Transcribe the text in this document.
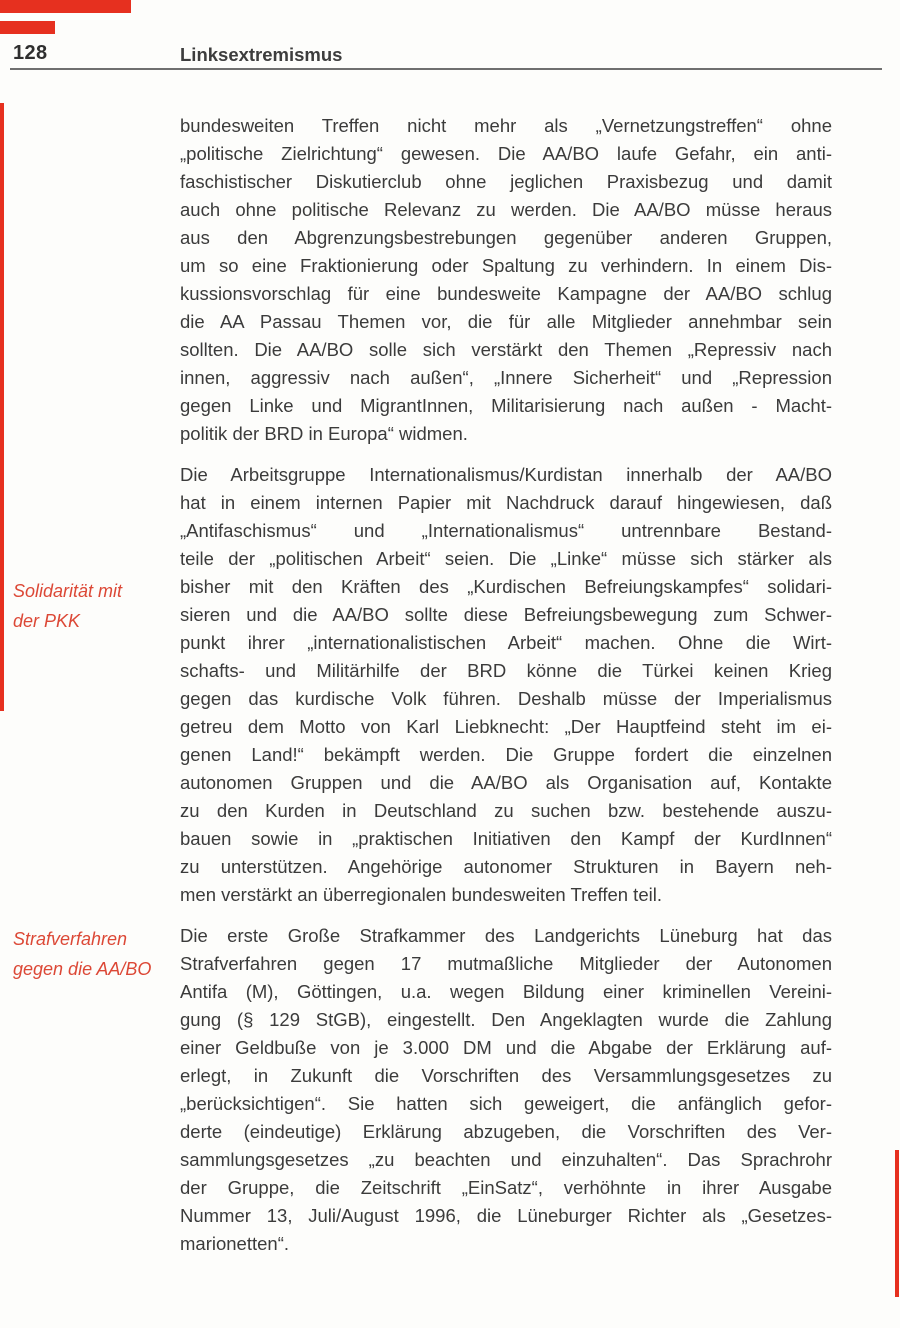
128	Linksextremismus
Solidarität mit
der PKK
Strafverfahren
gegen die AA/BO
bundesweiten Treffen nicht mehr als „Vernetzungstreffen“ ohne
„politische Zielrichtung“ gewesen. Die AA/BO laufe Gefahr, ein anti-
faschistischer Diskutierclub ohne jeglichen Praxisbezug und damit
auch ohne politische Relevanz zu werden. Die AA/BO müsse heraus
aus den Abgrenzungsbestrebungen gegenüber anderen Gruppen,
um so eine Fraktionierung oder Spaltung zu verhindern. In einem Dis-
kussionsvorschlag für eine bundesweite Kampagne der AA/BO schlug
die AA Passau Themen vor, die für alle Mitglieder annehmbar sein
sollten. Die AA/BO solle sich verstärkt den Themen „Repressiv nach
innen, aggressiv nach außen“, „Innere Sicherheit“ und „Repression
gegen Linke und MigrantInnen, Militarisierung nach außen - Macht-
politik der BRD in Europa“ widmen.
Die Arbeitsgruppe Internationalismus/Kurdistan innerhalb der AA/BO
hat in einem internen Papier mit Nachdruck darauf hingewiesen, daß
„Antifaschismus“ und „Internationalismus“ untrennbare Bestand-
teile der „politischen Arbeit“ seien. Die „Linke“ müsse sich stärker als
bisher mit den Kräften des „Kurdischen Befreiungskampfes“ solidari-
sieren und die AA/BO sollte diese Befreiungsbewegung zum Schwer-
punkt ihrer „internationalistischen Arbeit“ machen. Ohne die Wirt-
schafts- und Militärhilfe der BRD könne die Türkei keinen Krieg
gegen das kurdische Volk führen. Deshalb müsse der Imperialismus
getreu dem Motto von Karl Liebknecht: „Der Hauptfeind steht im ei-
genen Land!“ bekämpft werden. Die Gruppe fordert die einzelnen
autonomen Gruppen und die AA/BO als Organisation auf, Kontakte
zu den Kurden in Deutschland zu suchen bzw. bestehende auszu-
bauen sowie in „praktischen Initiativen den Kampf der KurdInnen“
zu unterstützen. Angehörige autonomer Strukturen in Bayern neh-
men verstärkt an überregionalen bundesweiten Treffen teil.
Die erste Große Strafkammer des Landgerichts Lüneburg hat das
Strafverfahren gegen 17 mutmaßliche Mitglieder der Autonomen
Antifa (M), Göttingen, u.a. wegen Bildung einer kriminellen Vereini-
gung (§ 129 StGB), eingestellt. Den Angeklagten wurde die Zahlung
einer Geldbuße von je 3.000 DM und die Abgabe der Erklärung auf-
erlegt, in Zukunft die Vorschriften des Versammlungsgesetzes zu
„berücksichtigen“. Sie hatten sich geweigert, die anfänglich gefor-
derte (eindeutige) Erklärung abzugeben, die Vorschriften des Ver-
sammlungsgesetzes „zu beachten und einzuhalten“. Das Sprachrohr
der Gruppe, die Zeitschrift „EinSatz“, verhöhnte in ihrer Ausgabe
Nummer 13, Juli/August 1996, die Lüneburger Richter als „Gesetzes-
marionetten“.
